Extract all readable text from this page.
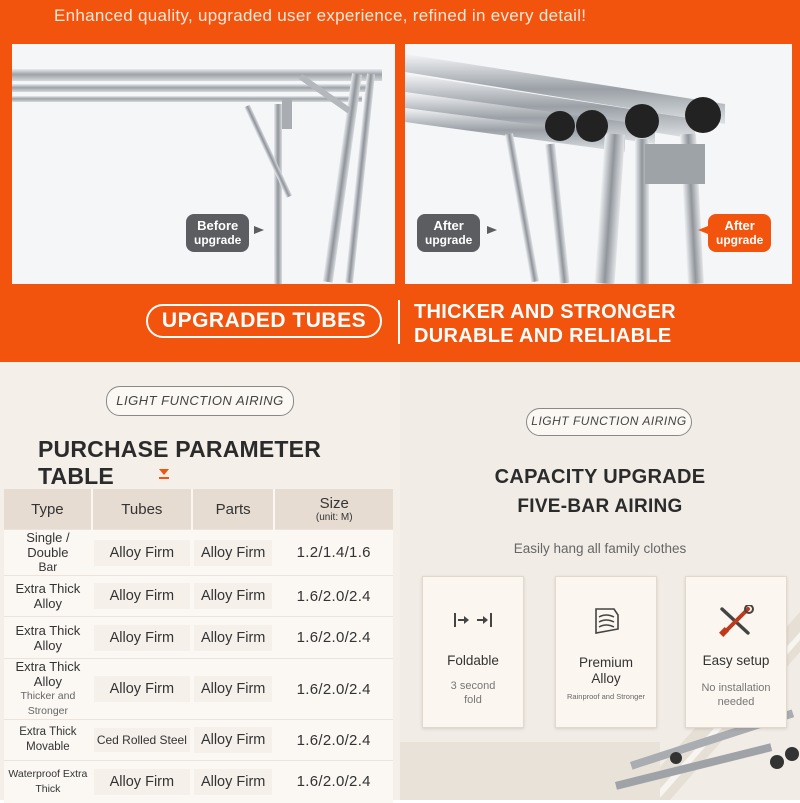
Enhanced quality, upgraded user experience, refined in every detail!
Before
upgrade
After
upgrade
After
upgrade
UPGRADED TUBES	THICKER AND STRONGER
DURABLE AND RELIABLE
LIGHT FUNCTION AIRING
PURCHASE PARAMETER TABLE
Type	Tubes	Parts	Size
(unit: M)

Single / Double
Bar	Alloy Firm	Alloy Firm	1.2/1.4/1.6
Extra Thick Alloy	Alloy Firm	Alloy Firm	1.6/2.0/2.4
Extra Thick Alloy	Alloy Firm	Alloy Firm	1.6/2.0/2.4
Extra Thick Alloy
Thicker and Stronger	Alloy Firm	Alloy Firm	1.6/2.0/2.4
Extra Thick Movable	Ced Rolled Steel	Alloy Firm	1.6/2.0/2.4
Waterproof Extra Thick	Alloy Firm	Alloy Firm	1.6/2.0/2.4
LIGHT FUNCTION AIRING
CAPACITY UPGRADE
FIVE-BAR AIRING
Easily hang all family clothes
Foldable
3 second
fold
Premium
Alloy
Rainproof and Stronger
Easy setup
No installation
needed
